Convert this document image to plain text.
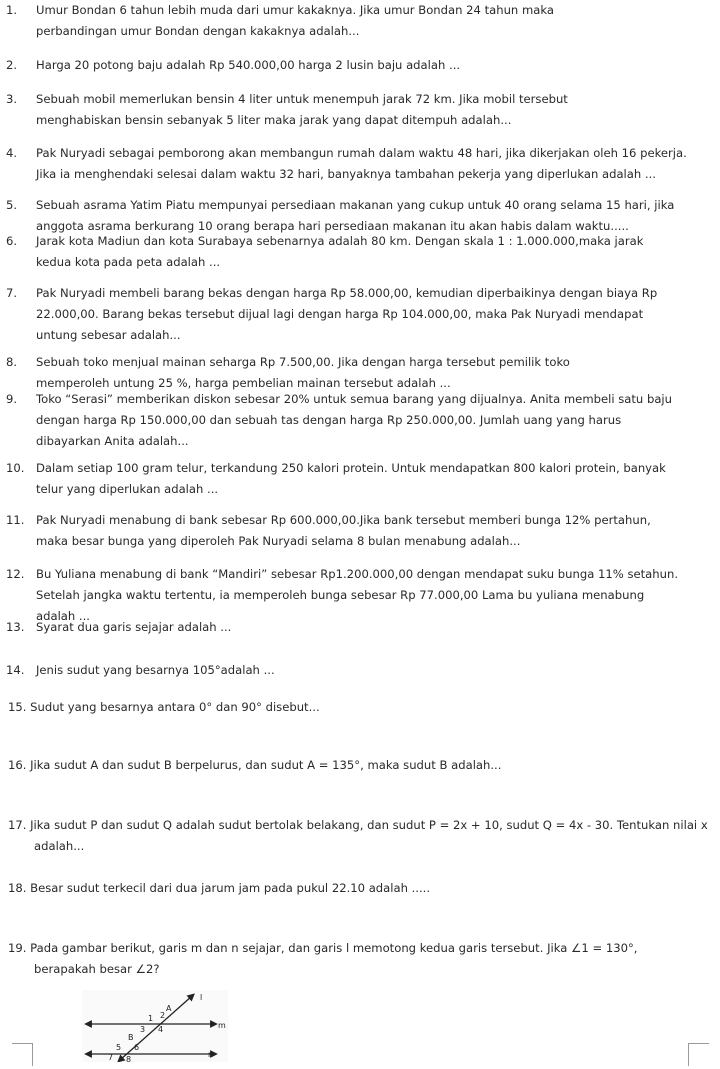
1. Umur Bondan 6 tahun lebih muda dari umur kakaknya. Jika umur Bondan 24 tahun maka
perbandingan umur Bondan dengan kakaknya adalah...
2. Harga 20 potong baju adalah Rp 540.000,00 harga 2 lusin baju adalah ...
3. Sebuah mobil memerlukan bensin 4 liter untuk menempuh jarak 72 km. Jika mobil tersebut
menghabiskan bensin sebanyak 5 liter maka jarak yang dapat ditempuh adalah...
4. Pak Nuryadi sebagai pemborong akan membangun rumah dalam waktu 48 hari, jika dikerjakan oleh 16 pekerja.
Jika ia menghendaki selesai dalam waktu 32 hari, banyaknya tambahan pekerja yang diperlukan adalah ...
5. Sebuah asrama Yatim Piatu mempunyai persediaan makanan yang cukup untuk 40 orang selama 15 hari, jika
anggota asrama berkurang 10 orang berapa hari persediaan makanan itu akan habis dalam waktu.....
6. Jarak kota Madiun dan kota Surabaya sebenarnya adalah 80 km. Dengan skala 1 : 1.000.000,maka jarak
kedua kota pada peta adalah ...
7. Pak Nuryadi membeli barang bekas dengan harga Rp 58.000,00, kemudian diperbaikinya dengan biaya Rp
22.000,00. Barang bekas tersebut dijual lagi dengan harga Rp 104.000,00, maka Pak Nuryadi mendapat
untung sebesar adalah...
8. Sebuah toko menjual mainan seharga Rp 7.500,00. Jika dengan harga tersebut pemilik toko
memperoleh untung 25 %, harga pembelian mainan tersebut adalah ...
9. Toko “Serasi” memberikan diskon sebesar 20% untuk semua barang yang dijualnya. Anita membeli satu baju
dengan harga Rp 150.000,00 dan sebuah tas dengan harga Rp 250.000,00. Jumlah uang yang harus
dibayarkan Anita adalah...
10. Dalam setiap 100 gram telur, terkandung 250 kalori protein. Untuk mendapatkan 800 kalori protein, banyak
telur yang diperlukan adalah ...
11. Pak Nuryadi menabung di bank sebesar Rp 600.000,00.Jika bank tersebut memberi bunga 12% pertahun,
maka besar bunga yang diperoleh Pak Nuryadi selama 8 bulan menabung adalah...
12. Bu Yuliana menabung di bank “Mandiri” sebesar Rp1.200.000,00 dengan mendapat suku bunga 11% setahun.
Setelah jangka waktu tertentu, ia memperoleh bunga sebesar Rp 77.000,00 Lama bu yuliana menabung
adalah ...
13. Syarat dua garis sejajar adalah ...
14. Jenis sudut yang besarnya 105°adalah ...
15. Sudut yang besarnya antara 0° dan 90° disebut...
16. Jika sudut A dan sudut B berpelurus, dan sudut A = 135°, maka sudut B adalah...
17. Jika sudut P dan sudut Q adalah sudut bertolak belakang, dan sudut P = 2x + 10, sudut Q = 4x - 30. Tentukan nilai x
adalah...
18. Besar sudut terkecil dari dua jarum jam pada pukul 22.10 adalah .....
19. Pada gambar berikut, garis m dan n sejajar, dan garis l memotong kedua garis tersebut. Jika ∠1 = 130°,
berapakah besar ∠2?
A
l
m
n
B
1 2
3 4
5 6
7 8
